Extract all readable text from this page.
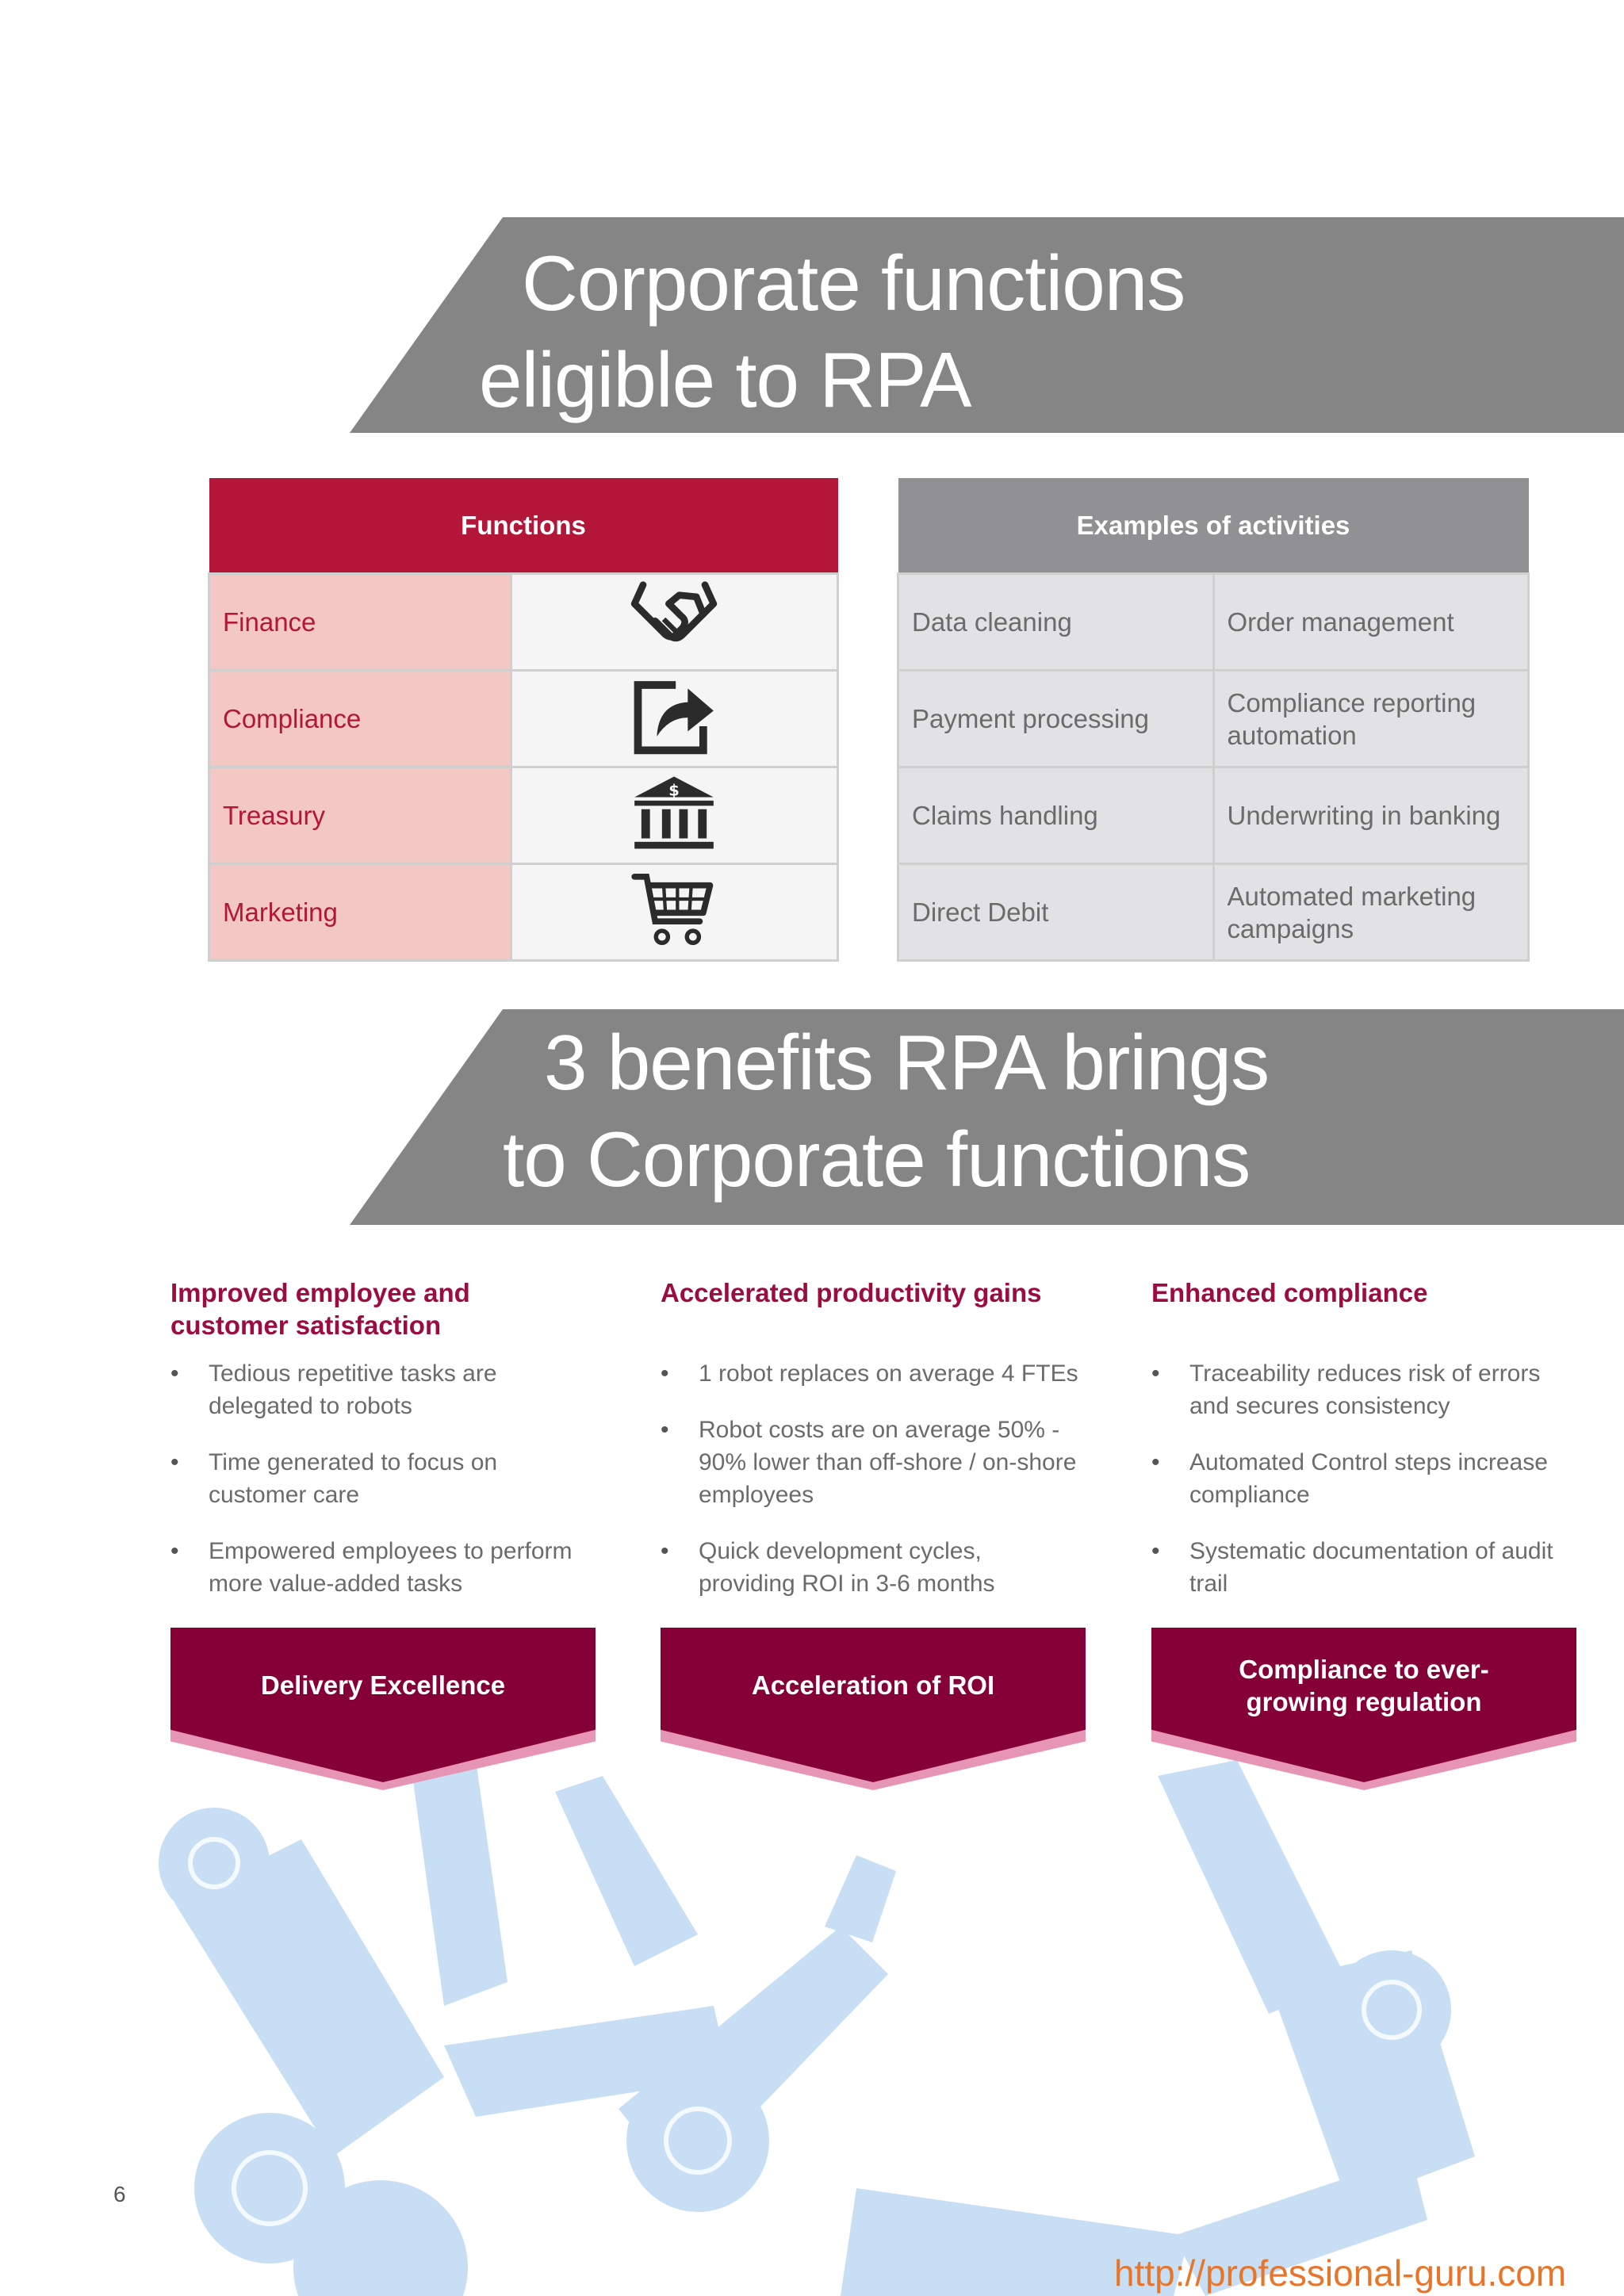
Corporate functions
eligible to RPA
Functions	
Finance	
Compliance	
Treasury	$

Marketing	
Examples of activities	
Data cleaning	Order management
Payment processing	Compliance reporting automation
Claims handling	Underwriting in banking
Direct Debit	Automated marketing campaigns
3 benefits RPA brings
to Corporate functions
Improved employee and customer satisfaction
• Tedious repetitive tasks are delegated to robots
• Time generated to focus on customer care
• Empowered employees to perform more value-added tasks
Accelerated productivity gains
• 1 robot replaces on average 4 FTEs
• Robot costs are on average 50% - 90% lower than off-shore / on-shore employees
• Quick development cycles, providing ROI in 3-6 months
Enhanced compliance
• Traceability reduces risk of errors and secures consistency
• Automated Control steps increase compliance
• Systematic documentation of audit trail
Delivery Excellence	Acceleration of ROI
Compliance to ever-growing regulation
6
http://professional-guru.com
